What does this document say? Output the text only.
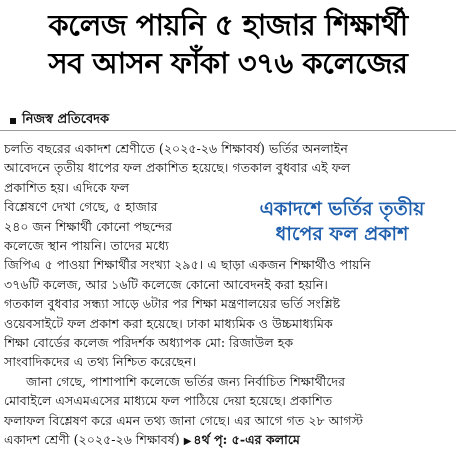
কলেজ পায়নি ৫ হাজার শিক্ষার্থী
সব আসন ফাঁকা ৩৭৬ কলেজের
নিজস্ব প্রতিবেদক
চলতি বছরের একাদশ শ্রেণীতে (২০২৫-২৬ শিক্ষাবর্ষ) ভর্তির অনলাইন
আবেদনে তৃতীয় ধাপের ফল প্রকাশিত হয়েছে। গতকাল বুধবার এই ফল
প্রকাশিত হয়। এদিকে ফল
বিশ্লেষণে দেখা গেছে, ৫ হাজার
২৪০ জন শিক্ষার্থী কোনো পছন্দের
কলেজে স্থান পায়নি। তাদের মধ্যে
জিপিএ ৫ পাওয়া শিক্ষার্থীর সংখ্যা ২৯৫। এ ছাড়া একজন শিক্ষার্থীও পায়নি
৩৭৬টি কলেজ, আর ১৬টি কলেজে কোনো আবেদনই করা হয়নি।
গতকাল বুধবার সন্ধ্যা সাড়ে ৬টার পর শিক্ষা মন্ত্রণালয়ের ভর্তি সংশ্লিষ্ট
ওয়েবসাইটে ফল প্রকাশ করা হয়েছে। ঢাকা মাধ্যমিক ও উচ্চমাধ্যমিক
শিক্ষা বোর্ডের কলেজ পরিদর্শক অধ্যাপক মো: রিজাউল হক
সাংবাদিকদের এ তথ্য নিশ্চিত করেছেন।
জানা গেছে, পাশাপাশি কলেজে ভর্তির জন্য নির্বাচিত শিক্ষার্থীদের
মোবাইলে এসএমএসের মাধ্যমে ফল পাঠিয়ে দেয়া হয়েছে। প্রকাশিত
ফলাফল বিশ্লেষণ করে এমন তথ্য জানা গেছে। এর আগে গত ২৮ আগস্ট
একাদশ শ্রেণী (২০২৫-২৬ শিক্ষাবর্ষ) ▶ ৪র্থ পৃ: ৫-এর কলামে
একাদশে ভর্তির তৃতীয়
ধাপের ফল প্রকাশ
